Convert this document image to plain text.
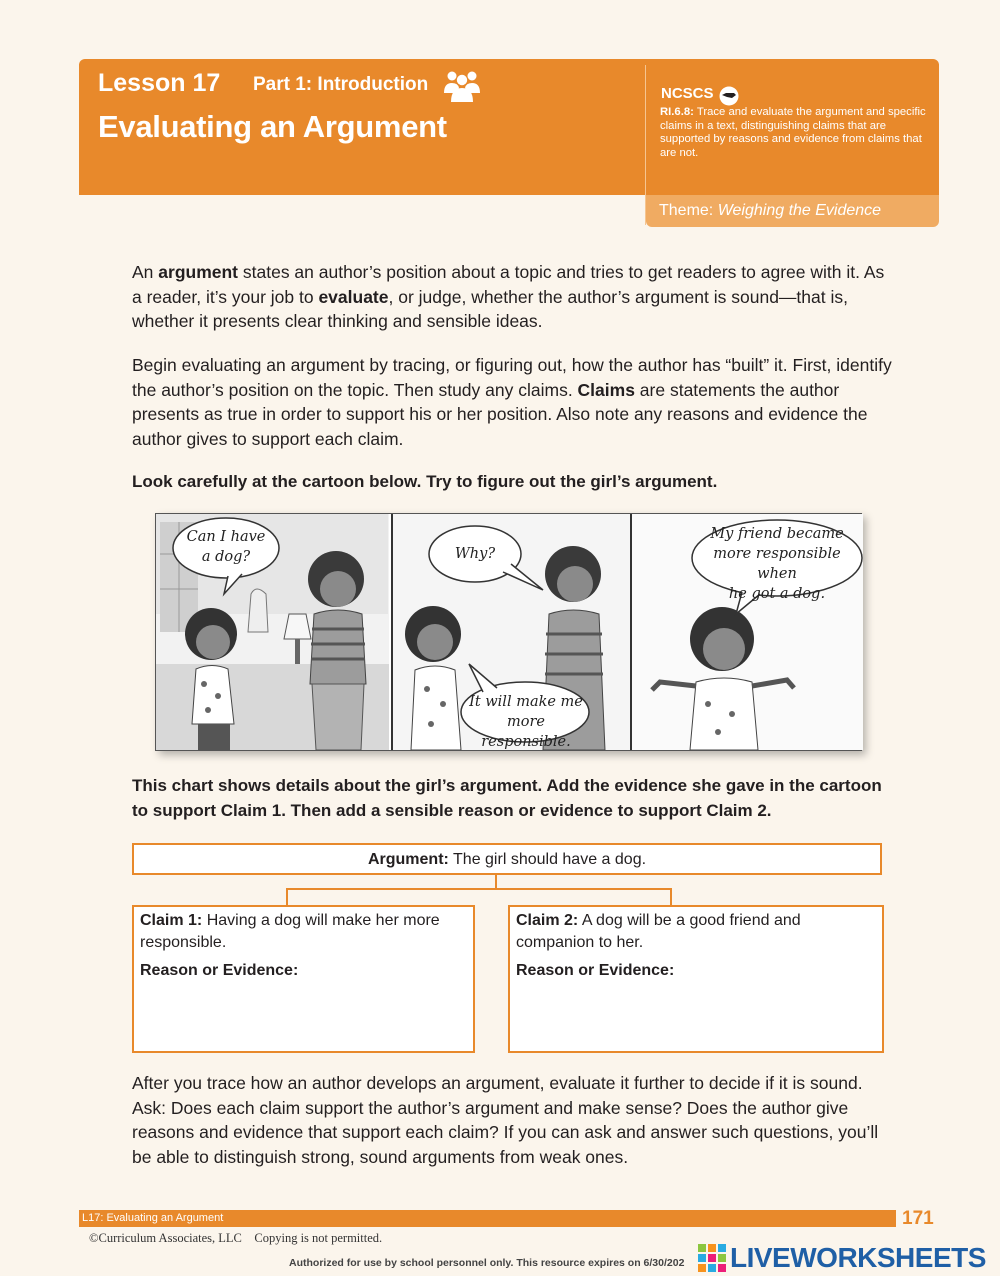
Lesson 17 Part 1: Introduction
Evaluating an Argument
NCSCS
RI.6.8: Trace and evaluate the argument and specific claims in a text, distinguishing claims that are supported by reasons and evidence from claims that are not.
Theme: Weighing the Evidence

An argument states an author’s position about a topic and tries to get readers to agree with it. As a reader, it’s your job to evaluate, or judge, whether the author’s argument is sound—that is, whether it presents clear thinking and sensible ideas.

Begin evaluating an argument by tracing, or figuring out, how the author has “built” it. First, identify the author’s position on the topic. Then study any claims. Claims are statements the author presents as true in order to support his or her position. Also note any reasons and evidence the author gives to support each claim.

Look carefully at the cartoon below. Try to figure out the girl’s argument.

Can I have
a dog?	Why?
It will make me
more responsible.
My friend became
more responsible when
he got a dog.

This chart shows details about the girl’s argument. Add the evidence she gave in the cartoon to support Claim 1. Then add a sensible reason or evidence to support Claim 2.

Argument: The girl should have a dog.
Claim 1: Having a dog will make her more responsible.
Reason or Evidence:
Claim 2: A dog will be a good friend and companion to her.
Reason or Evidence:

After you trace how an author develops an argument, evaluate it further to decide if it is sound. Ask: Does each claim support the author’s argument and make sense? Does the author give reasons and evidence that support each claim? If you can ask and answer such questions, you’ll be able to distinguish strong, sound arguments from weak ones.

L17: Evaluating an Argument	171
©Curriculum Associates, LLC    Copying is not permitted.
Authorized for use by school personnel only. This resource expires on 6/30/202 LIVEWORKSHEETS
